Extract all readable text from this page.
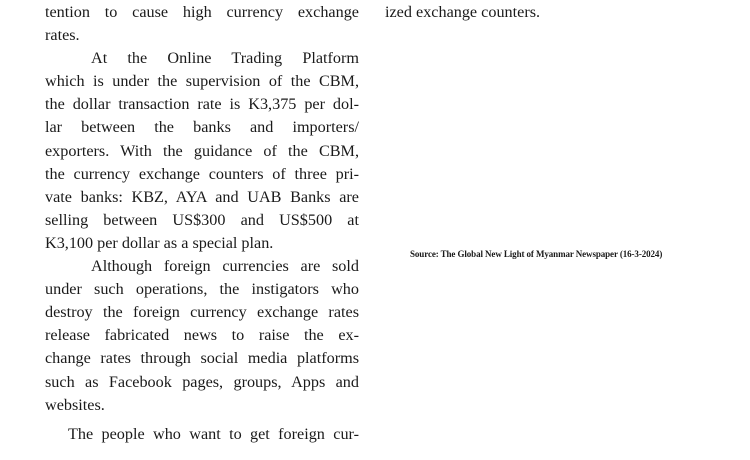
tention to cause high currency exchange
rates.
At the Online Trading Platform
which is under the supervision of the CBM,
the dollar transaction rate is K3,375 per dol-
lar between the banks and importers/
exporters. With the guidance of the CBM,
the currency exchange counters of three pri-
vate banks: KBZ, AYA and UAB Banks are
selling between US$300 and US$500 at
K3,100 per dollar as a special plan.
Although foreign currencies are sold
under such operations, the instigators who
destroy the foreign currency exchange rates
release fabricated news to raise the ex-
change rates through social media platforms
such as Facebook pages, groups, Apps and
websites.
The people who want to get foreign cur-
ized exchange counters.
Source: The Global New Light of Myanmar Newspaper (16-3-2024)
